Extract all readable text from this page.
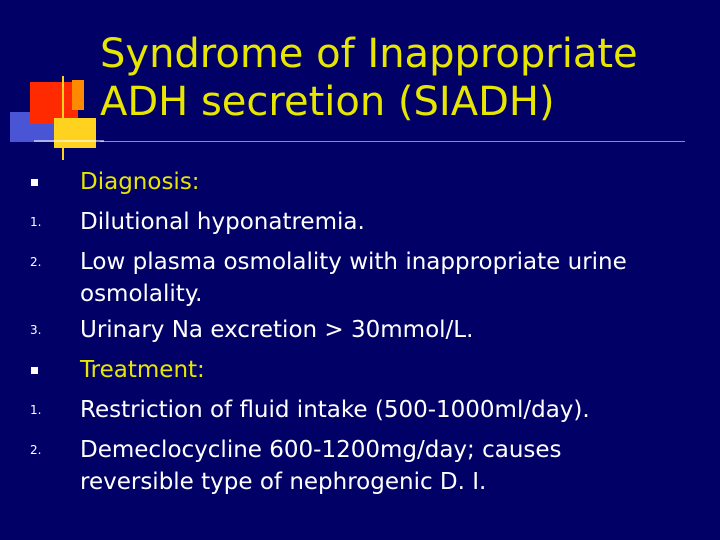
Syndrome of Inappropriate ADH secretion (SIADH)
Diagnosis:
1. Dilutional hyponatremia.
2. Low plasma osmolality with inappropriate urine osmolality.
3. Urinary Na excretion > 30mmol/L.
Treatment:
1. Restriction of fluid intake (500-1000ml/day).
2. Demeclocycline 600-1200mg/day; causes reversible type of nephrogenic D. I.
